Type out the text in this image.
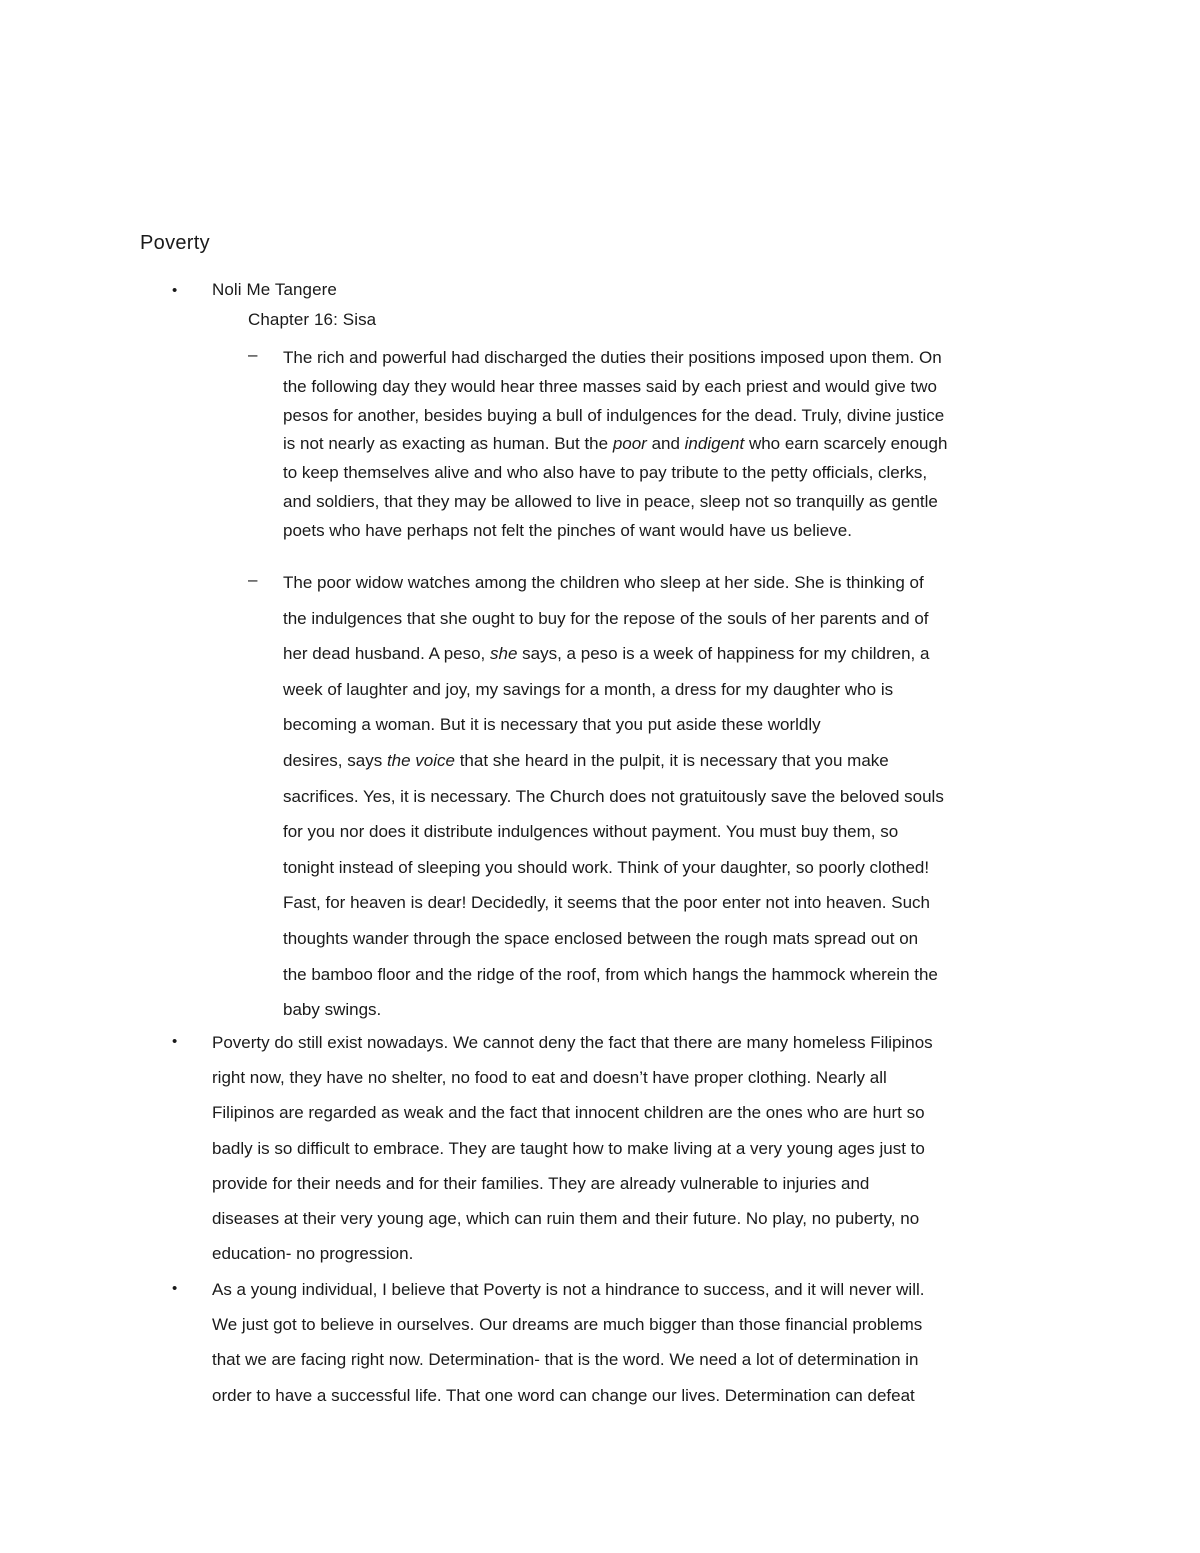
Poverty
• Noli Me Tangere
Chapter 16: Sisa
– The rich and powerful had discharged the duties their positions imposed upon them. On
the following day they would hear three masses said by each priest and would give two
pesos for another, besides buying a bull of indulgences for the dead. Truly, divine justice
is not nearly as exacting as human. But the poor and indigent who earn scarcely enough
to keep themselves alive and who also have to pay tribute to the petty officials, clerks,
and soldiers, that they may be allowed to live in peace, sleep not so tranquilly as gentle
poets who have perhaps not felt the pinches of want would have us believe.
– The poor widow watches among the children who sleep at her side. She is thinking of
the indulgences that she ought to buy for the repose of the souls of her parents and of
her dead husband. A peso, she says, a peso is a week of happiness for my children, a
week of laughter and joy, my savings for a month, a dress for my daughter who is
becoming a woman. But it is necessary that you put aside these worldly
desires, says the voice that she heard in the pulpit, it is necessary that you make
sacrifices. Yes, it is necessary. The Church does not gratuitously save the beloved souls
for you nor does it distribute indulgences without payment. You must buy them, so
tonight instead of sleeping you should work. Think of your daughter, so poorly clothed!
Fast, for heaven is dear! Decidedly, it seems that the poor enter not into heaven. Such
thoughts wander through the space enclosed between the rough mats spread out on
the bamboo floor and the ridge of the roof, from which hangs the hammock wherein the
baby swings.
• Poverty do still exist nowadays. We cannot deny the fact that there are many homeless Filipinos
right now, they have no shelter, no food to eat and doesn’t have proper clothing. Nearly all
Filipinos are regarded as weak and the fact that innocent children are the ones who are hurt so
badly is so difficult to embrace. They are taught how to make living at a very young ages just to
provide for their needs and for their families. They are already vulnerable to injuries and
diseases at their very young age, which can ruin them and their future. No play, no puberty, no
education- no progression.
• As a young individual, I believe that Poverty is not a hindrance to success, and it will never will.
We just got to believe in ourselves. Our dreams are much bigger than those financial problems
that we are facing right now. Determination- that is the word. We need a lot of determination in
order to have a successful life. That one word can change our lives. Determination can defeat
